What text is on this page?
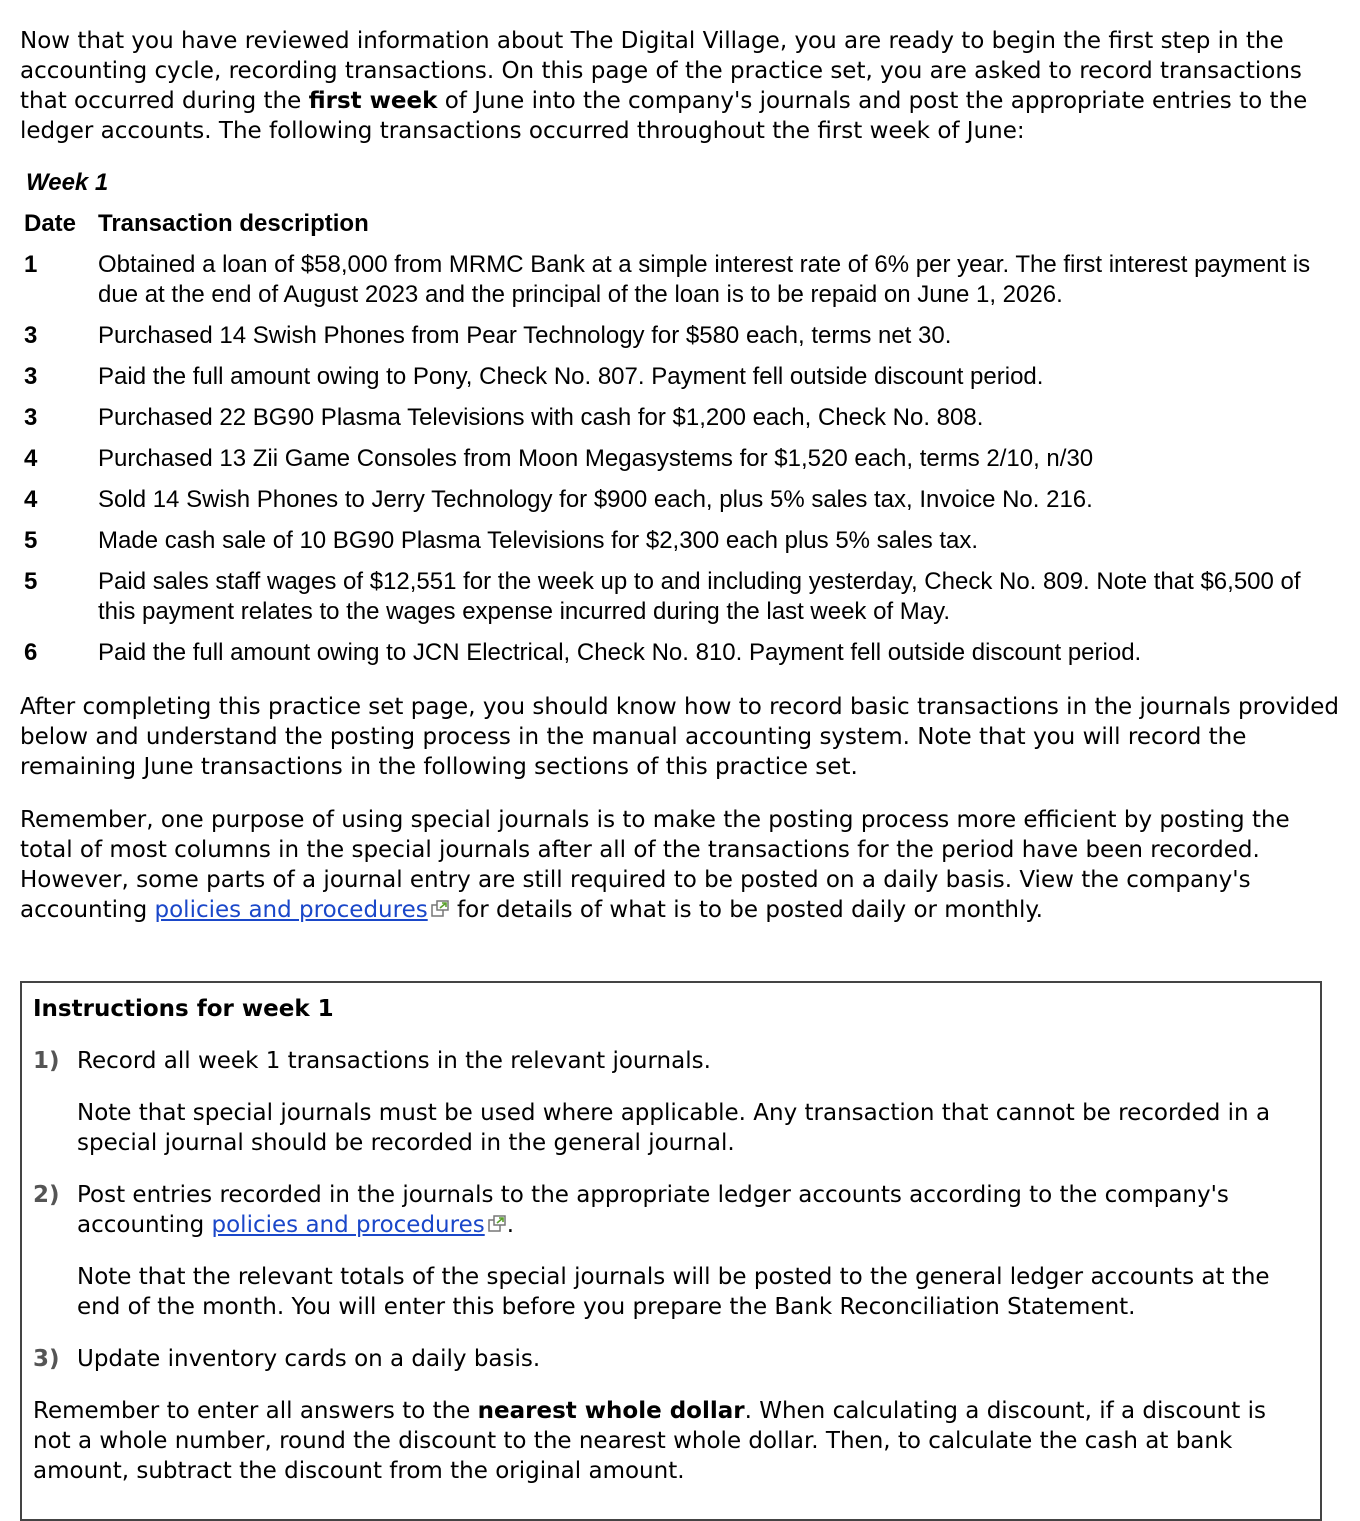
Now that you have reviewed information about The Digital Village, you are ready to begin the first step in the accounting cycle, recording transactions. On this page of the practice set, you are asked to record transactions that occurred during the first week of June into the company's journals and post the appropriate entries to the ledger accounts. The following transactions occurred throughout the first week of June:

Week 1
Date	Transaction description
1	Obtained a loan of $58,000 from MRMC Bank at a simple interest rate of 6% per year. The first interest payment is due at the end of August 2023 and the principal of the loan is to be repaid on June 1, 2026.
3	Purchased 14 Swish Phones from Pear Technology for $580 each, terms net 30.
3	Paid the full amount owing to Pony, Check No. 807. Payment fell outside discount period.
3	Purchased 22 BG90 Plasma Televisions with cash for $1,200 each, Check No. 808.
4	Purchased 13 Zii Game Consoles from Moon Megasystems for $1,520 each, terms 2/10, n/30
4	Sold 14 Swish Phones to Jerry Technology for $900 each, plus 5% sales tax, Invoice No. 216.
5	Made cash sale of 10 BG90 Plasma Televisions for $2,300 each plus 5% sales tax.
5	Paid sales staff wages of $12,551 for the week up to and including yesterday, Check No. 809. Note that $6,500 of this payment relates to the wages expense incurred during the last week of May.
6	Paid the full amount owing to JCN Electrical, Check No. 810. Payment fell outside discount period.

After completing this practice set page, you should know how to record basic transactions in the journals provided below and understand the posting process in the manual accounting system. Note that you will record the remaining June transactions in the following sections of this practice set.

Remember, one purpose of using special journals is to make the posting process more efficient by posting the total of most columns in the special journals after all of the transactions for the period have been recorded. However, some parts of a journal entry are still required to be posted on a daily basis. View the company's accounting policies and procedures for details of what is to be posted daily or monthly.

Instructions for week 1
1) Record all week 1 transactions in the relevant journals.

Note that special journals must be used where applicable. Any transaction that cannot be recorded in a special journal should be recorded in the general journal.

2) Post entries recorded in the journals to the appropriate ledger accounts according to the company's accounting policies and procedures .

Note that the relevant totals of the special journals will be posted to the general ledger accounts at the end of the month. You will enter this before you prepare the Bank Reconciliation Statement.

3) Update inventory cards on a daily basis.

Remember to enter all answers to the nearest whole dollar. When calculating a discount, if a discount is not a whole number, round the discount to the nearest whole dollar. Then, to calculate the cash at bank amount, subtract the discount from the original amount.
